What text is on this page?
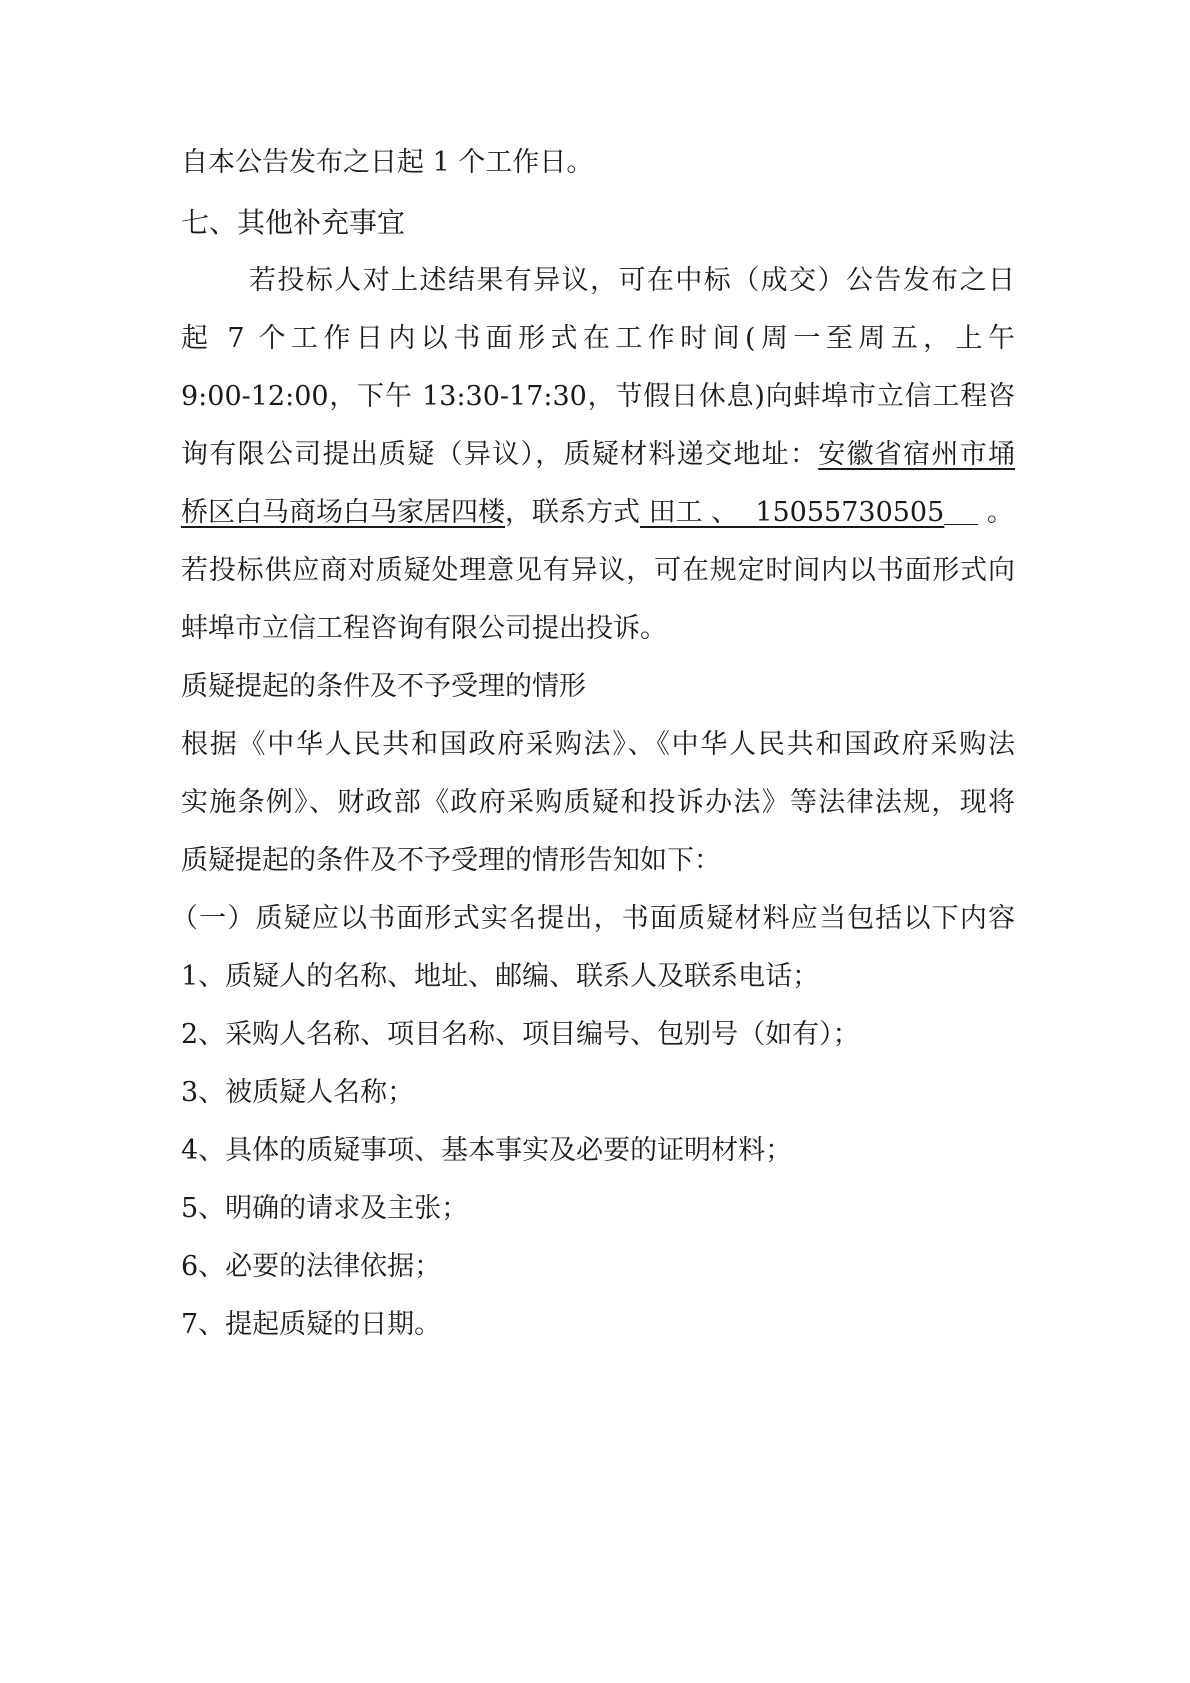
自本公告发布之日起 1 个工作日。
七、其他补充事宜
若投标人对上述结果有异议，可在中标（成交）公告发布之日
起 7 个工作日内以书面形式在工作时间(周一至周五，上午
9:00-12:00，下午 13:30-17:30，节假日休息)向蚌埠市立信工程咨
询有限公司提出质疑（异议），质疑材料递交地址：安徽省宿州市埇
桥区白马商场白马家居四楼，联系方式 田工 、  15055730505 。
若投标供应商对质疑处理意见有异议，可在规定时间内以书面形式向
蚌埠市立信工程咨询有限公司提出投诉。
质疑提起的条件及不予受理的情形
根据《中华人民共和国政府采购法》、《中华人民共和国政府采购法
实施条例》、财政部《政府采购质疑和投诉办法》等法律法规，现将
质疑提起的条件及不予受理的情形告知如下：
（一）质疑应以书面形式实名提出，书面质疑材料应当包括以下内容
1、质疑人的名称、地址、邮编、联系人及联系电话；
2、采购人名称、项目名称、项目编号、包别号（如有）；
3、被质疑人名称；
4、具体的质疑事项、基本事实及必要的证明材料；
5、明确的请求及主张；
6、必要的法律依据；
7、提起质疑的日期。
